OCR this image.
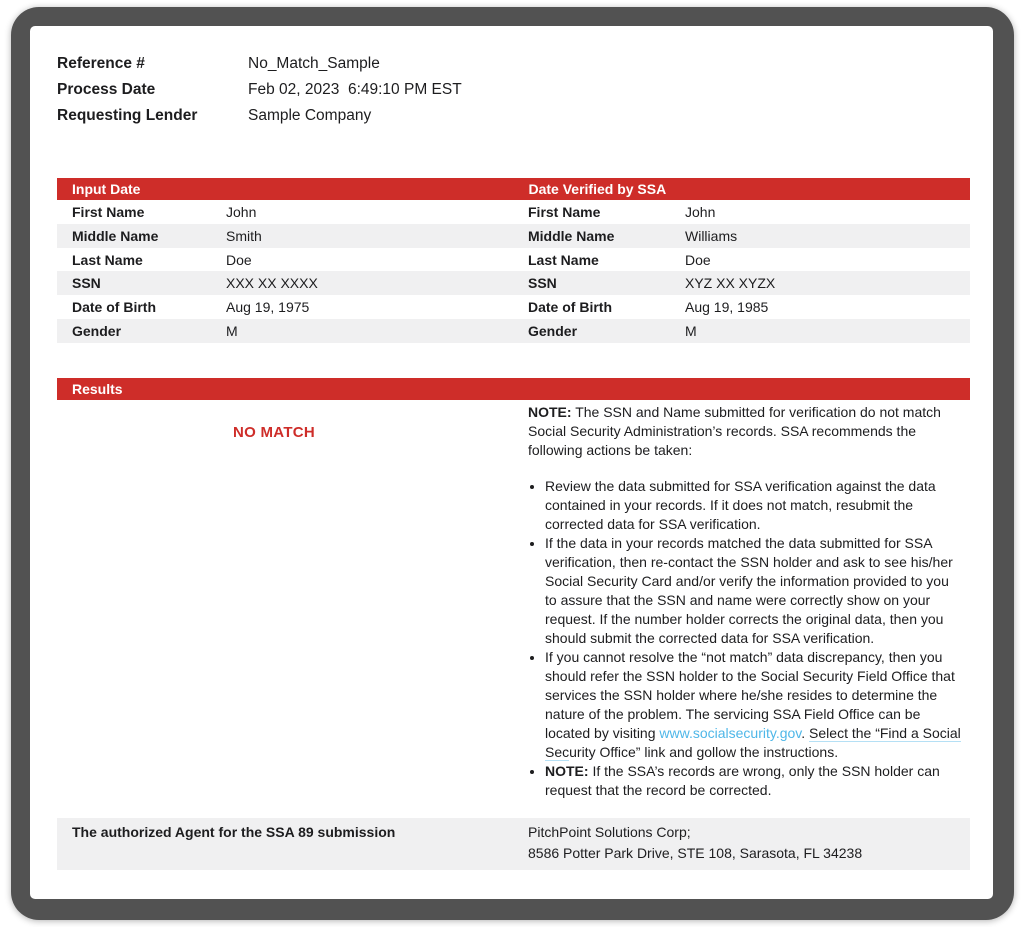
Reference #	No_Match_Sample
Process Date	Feb 02, 2023  6:49:10 PM EST
Requesting Lender	Sample Company
Input Date	Date Verified by SSA
First Name	John	First Name	John
Middle Name	Smith	Middle Name	Williams
Last Name	Doe	Last Name	Doe
SSN	XXX XX XXXX	SSN	XYZ XX XYZX
Date of Birth	Aug 19, 1975	Date of Birth	Aug 19, 1985
Gender	M	Gender	M
Results
NO MATCH

NOTE: The SSN and Name submitted for verification do not match Social Security Administration’s records. SSA recommends the following actions be taken:

• Review the data submitted for SSA verification against the data contained in your records. If it does not match, resubmit the corrected data for SSA verification.
• If the data in your records matched the data submitted for SSA verification, then re-contact the SSN holder and ask to see his/her Social Security Card and/or verify the information provided to you to assure that the SSN and name were correctly show on your request. If the number holder corrects the original data, then you should submit the corrected data for SSA verification.
• If you cannot resolve the “not match” data discrepancy, then you should refer the SSN holder to the Social Security Field Office that services the SSN holder where he/she resides to determine the nature of the problem. The servicing SSA Field Office can be located by visiting www.socialsecurity.gov. Select the “Find a Social Security Office” link and gollow the instructions.
• NOTE: If the SSA’s records are wrong, only the SSN holder can request that the record be corrected.
The authorized Agent for the SSA 89 submission	PitchPoint Solutions Corp;
8586 Potter Park Drive, STE 108, Sarasota, FL 34238
